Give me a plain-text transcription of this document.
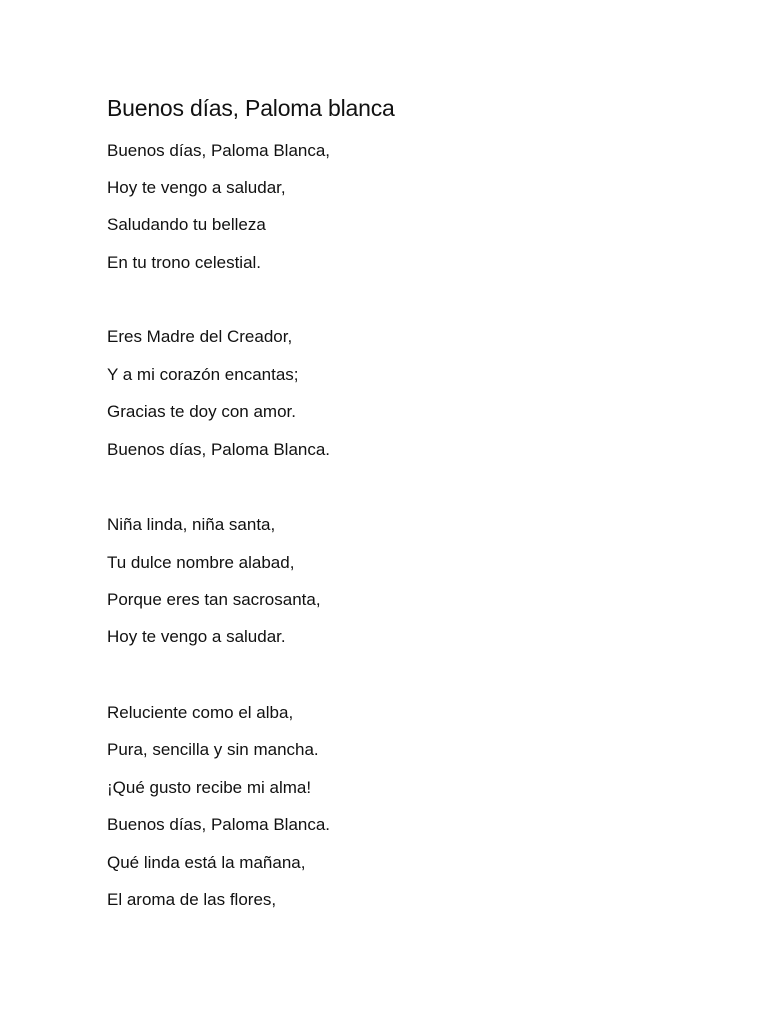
Buenos días, Paloma blanca
Buenos días, Paloma Blanca,
Hoy te vengo a saludar,
Saludando tu belleza
En tu trono celestial.
Eres Madre del Creador,
Y a mi corazón encantas;
Gracias te doy con amor.
Buenos días, Paloma Blanca.
Niña linda, niña santa,
Tu dulce nombre alabad,
Porque eres tan sacrosanta,
Hoy te vengo a saludar.
Reluciente como el alba,
Pura, sencilla y sin mancha.
¡Qué gusto recibe mi alma!
Buenos días, Paloma Blanca.
Qué linda está la mañana,
El aroma de las flores,
